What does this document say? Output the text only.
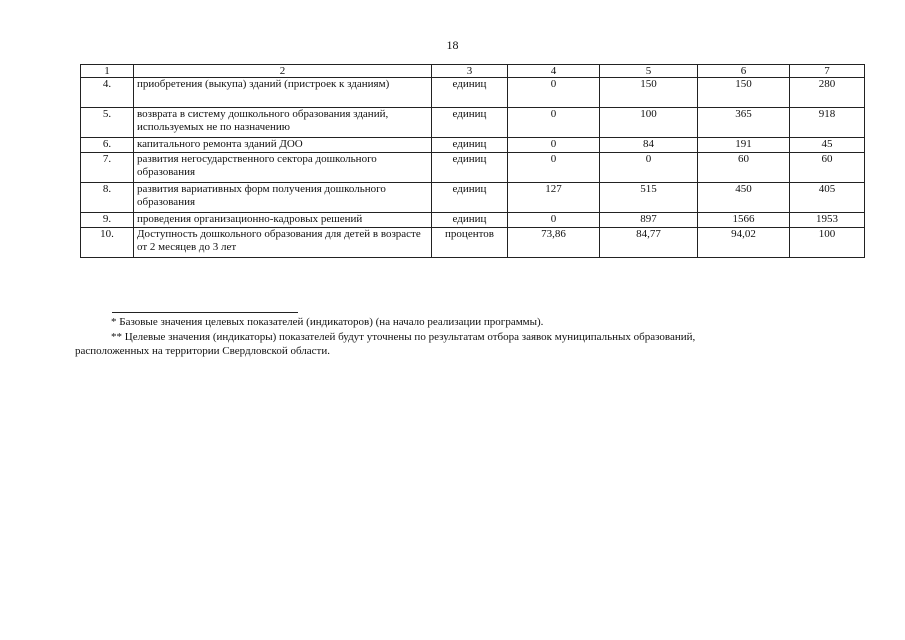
18
1	2	3	4	5	6	7
4.	приобретения (выкупа) зданий (пристроек к зданиям)	единиц	0	150	150	280
5.	возврата в систему дошкольного образования зданий, используемых не по назначению	единиц	0	100	365	918
6.	капитального ремонта зданий ДОО	единиц	0	84	191	45
7.	развития негосударственного сектора дошкольного образования	единиц	0	0	60	60
8.	развития вариативных форм получения дошкольного образования	единиц	127	515	450	405
9.	проведения организационно-кадровых решений	единиц	0	897	1566	1953
10.	Доступность дошкольного образования для детей в возрасте от 2 месяцев до 3 лет	процентов	73,86	84,77	94,02	100
* Базовые значения целевых показателей (индикаторов) (на начало реализации программы).
** Целевые значения (индикаторы) показателей будут уточнены по результатам отбора заявок муниципальных образований,
расположенных на территории Свердловской области.
